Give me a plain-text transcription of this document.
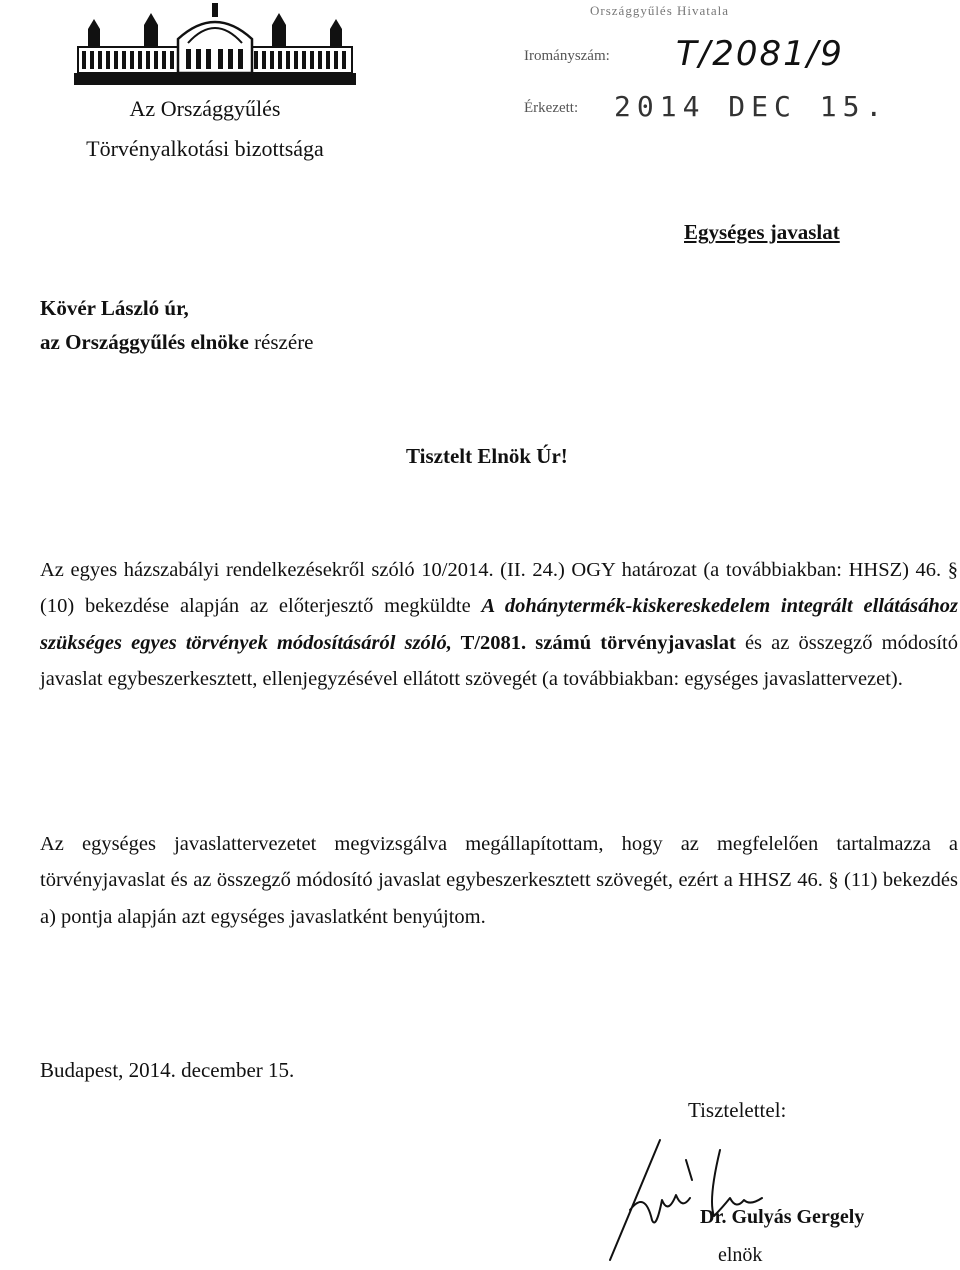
Az Országgyűlés
Törvényalkotási bizottsága
Országgyűlés Hivatala
Irományszám: T/2081/9
Érkezett: 2014 DEC 15.
Egységes javaslat
Kövér László úr,
az Országgyűlés elnöke részére
Tisztelt Elnök Úr!
Az egyes házszabályi rendelkezésekről szóló 10/2014. (II. 24.) OGY határozat (a továbbiakban: HHSZ) 46. § (10) bekezdése alapján az előterjesztő megküldte A dohánytermék-kiskereskedelem integrált ellátásához szükséges egyes törvények módosításáról szóló, T/2081. számú törvényjavaslat és az összegző módosító javaslat egybeszerkesztett, ellenjegyzésével ellátott szövegét (a továbbiakban: egységes javaslattervezet).
Az egységes javaslattervezetet megvizsgálva megállapítottam, hogy az megfelelően tartalmazza a törvényjavaslat és az összegző módosító javaslat egybeszerkesztett szövegét, ezért a HHSZ 46. § (11) bekezdés a) pontja alapján azt egységes javaslatként benyújtom.
Budapest, 2014. december 15.
Tisztelettel:
Dr. Gulyás Gergely
elnök
